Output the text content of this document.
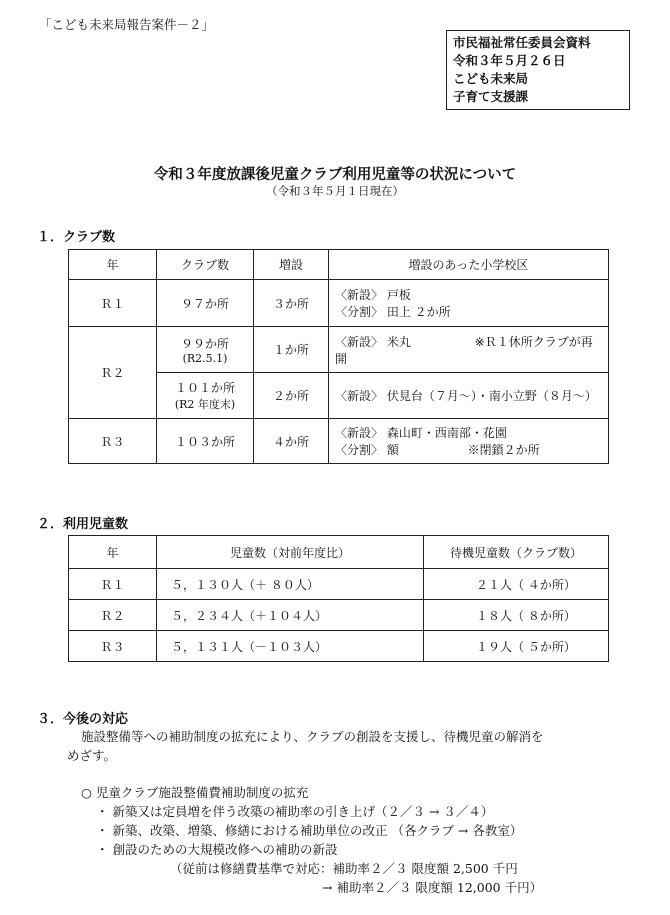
「こども未来局報告案件－２」
市民福祉常任委員会資料
令和３年５月２６日
こども未来局
子育て支援課
令和３年度放課後児童クラブ利用児童等の状況について
（令和３年５月１日現在）
１．クラブ数
年	クラブ数	増設	増設のあった小学校区
Ｒ１	９７か所	３か所	〈新設〉 戸板
〈分割〉 田上 ２か所

Ｒ２	９９か所
(R2.5.1)	１か所	〈新設〉 米丸 ※Ｒ１休所クラブが再開

	１０１か所
(R2 年度末)	２か所	〈新設〉 伏見台（７月～）・南小立野（８月～）
Ｒ３	１０３か所	４か所	〈新設〉 森山町・西南部・花園
〈分割〉 額 ※閉鎖２か所
２．利用児童数
年	児童数（対前年度比）	待機児童数（クラブ数）
Ｒ１	５，１３０人（＋ ８０人）	２１人（ ４か所）
Ｒ２	５，２３４人（＋１０４人）	１８人（ ８か所）
Ｒ３	５，１３１人（－１０３人）	１９人（ ５か所）
３．今後の対応
施設整備等への補助制度の拡充により、クラブの創設を支援し、待機児童の解消を
めざす。
○ 児童クラブ施設整備費補助制度の拡充
・ 新築又は定員増を伴う改築の補助率の引き上げ（２／３ → ３／４）
・ 新築、改築、増築、修繕における補助単位の改正 （各クラブ → 各教室）
・ 創設のための大規模改修への補助の新設
（従前は修繕費基準で対応：補助率２／３ 限度額 2,500 千円
→ 補助率２／３ 限度額 12,000 千円）
